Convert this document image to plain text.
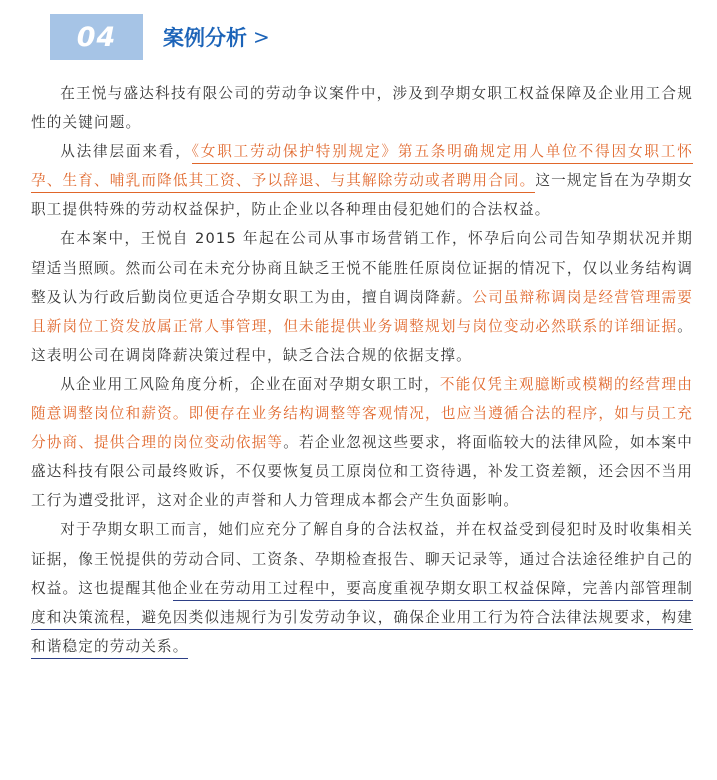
04 案例分析 >

在王悦与盛达科技有限公司的劳动争议案件中，涉及到孕期女职工权益保障及企业用工合规性的关键问题。

从法律层面来看，《女职工劳动保护特别规定》第五条明确规定用人单位不得因女职工怀孕、生育、哺乳而降低其工资、予以辞退、与其解除劳动或者聘用合同。这一规定旨在为孕期女职工提供特殊的劳动权益保护，防止企业以各种理由侵犯她们的合法权益。

在本案中，王悦自 2015 年起在公司从事市场营销工作，怀孕后向公司告知孕期状况并期望适当照顾。然而公司在未充分协商且缺乏王悦不能胜任原岗位证据的情况下，仅以业务结构调整及认为行政后勤岗位更适合孕期女职工为由，擅自调岗降薪。公司虽辩称调岗是经营管理需要且新岗位工资发放属正常人事管理，但未能提供业务调整规划与岗位变动必然联系的详细证据。这表明公司在调岗降薪决策过程中，缺乏合法合规的依据支撑。

从企业用工风险角度分析，企业在面对孕期女职工时，不能仅凭主观臆断或模糊的经营理由随意调整岗位和薪资。即便存在业务结构调整等客观情况，也应当遵循合法的程序，如与员工充分协商、提供合理的岗位变动依据等。若企业忽视这些要求，将面临较大的法律风险，如本案中盛达科技有限公司最终败诉，不仅要恢复员工原岗位和工资待遇，补发工资差额，还会因不当用工行为遭受批评，这对企业的声誉和人力管理成本都会产生负面影响。

对于孕期女职工而言，她们应充分了解自身的合法权益，并在权益受到侵犯时及时收集相关证据，像王悦提供的劳动合同、工资条、孕期检查报告、聊天记录等，通过合法途径维护自己的权益。这也提醒其他企业在劳动用工过程中，要高度重视孕期女职工权益保障，完善内部管理制度和决策流程，避免因类似违规行为引发劳动争议，确保企业用工行为符合法律法规要求，构建和谐稳定的劳动关系。
